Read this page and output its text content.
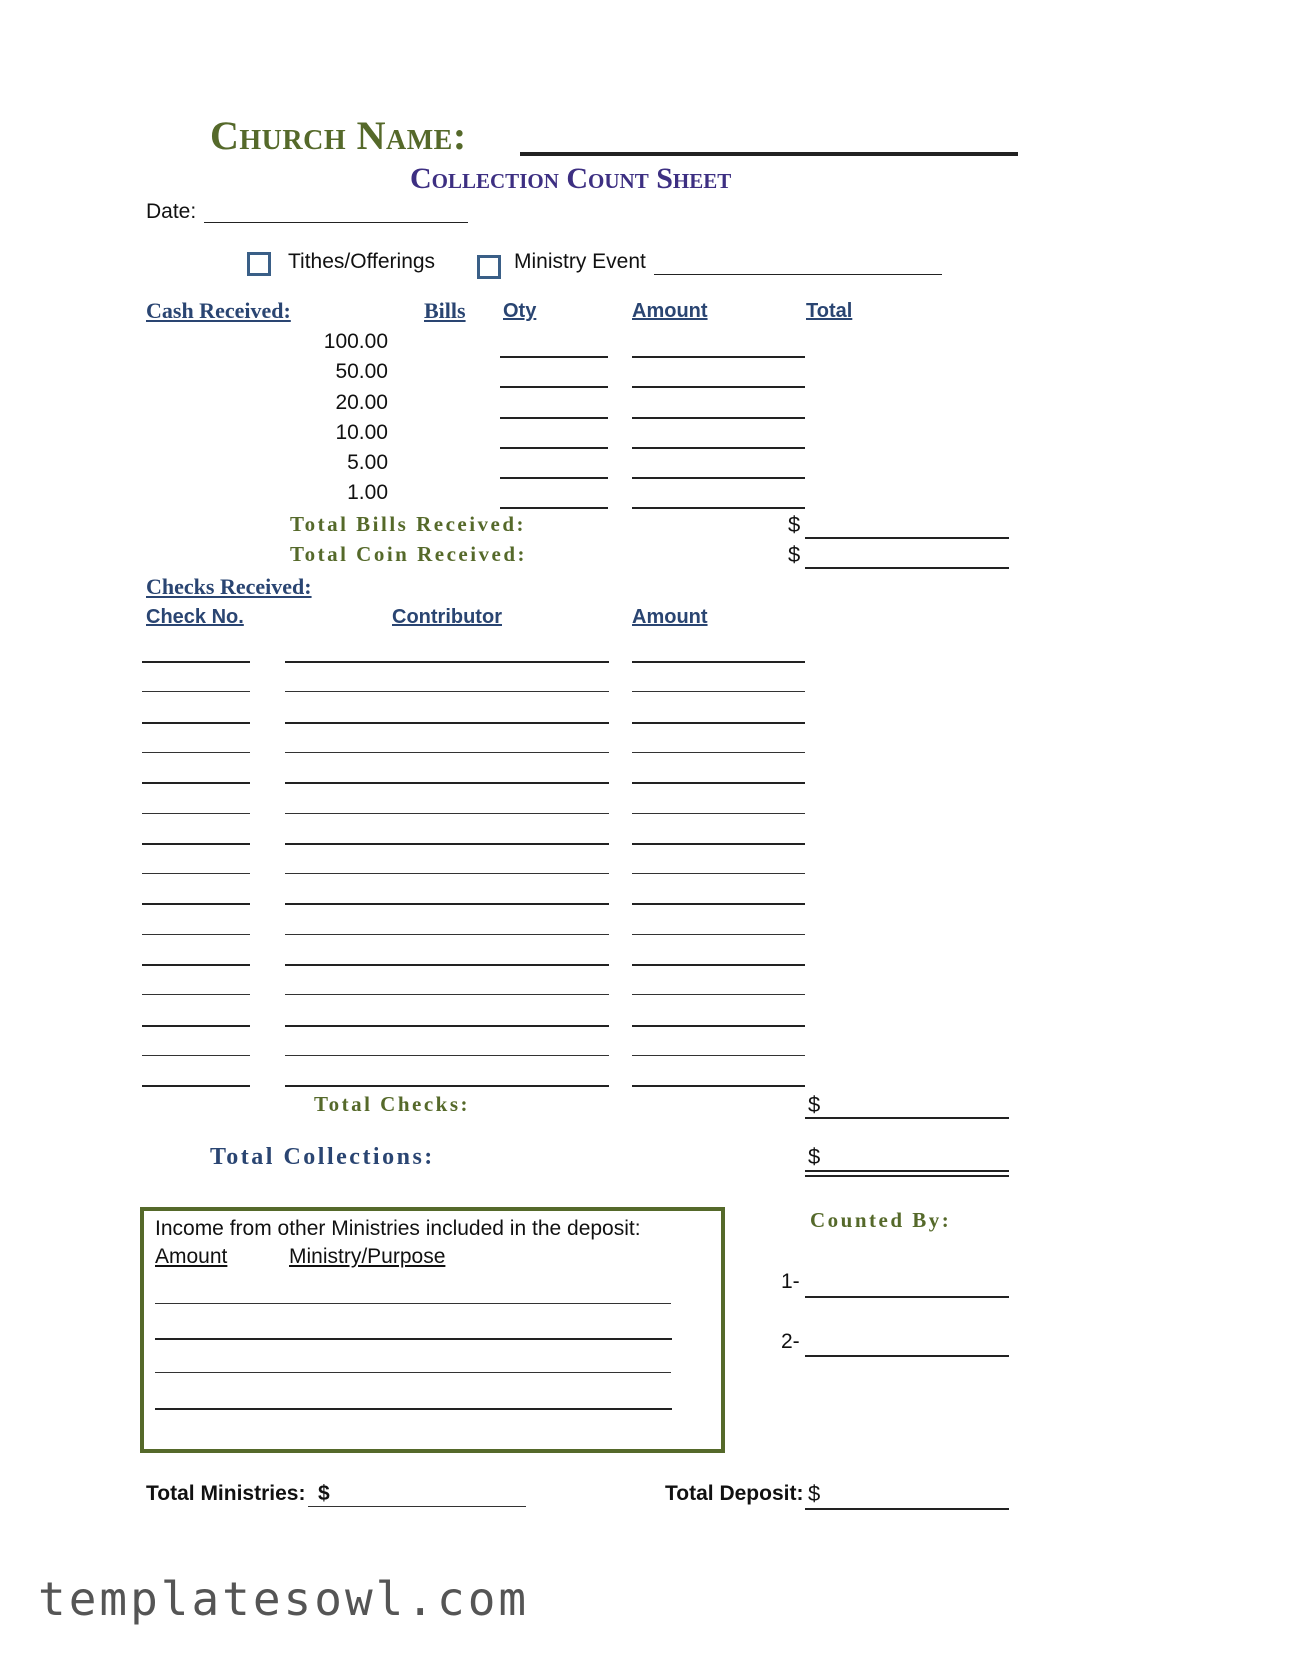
Church Name:
Collection Count Sheet
Date:
Tithes/Offerings	Ministry Event
Cash Received:	Bills Oty	Amount	Total
100.00
50.00
20.00
10.00
5.00
1.00
Total Bills Received:	$
Total Coin Received:	$
Checks Received:
Check No.	Contributor	Amount
Total Checks:	$
Total Collections:	$
Income from other Ministries included in the deposit:
Amount	Ministry/Purpose
Counted By:
1-
2-
Total Ministries: $	Total Deposit: $
templatesowl.com
